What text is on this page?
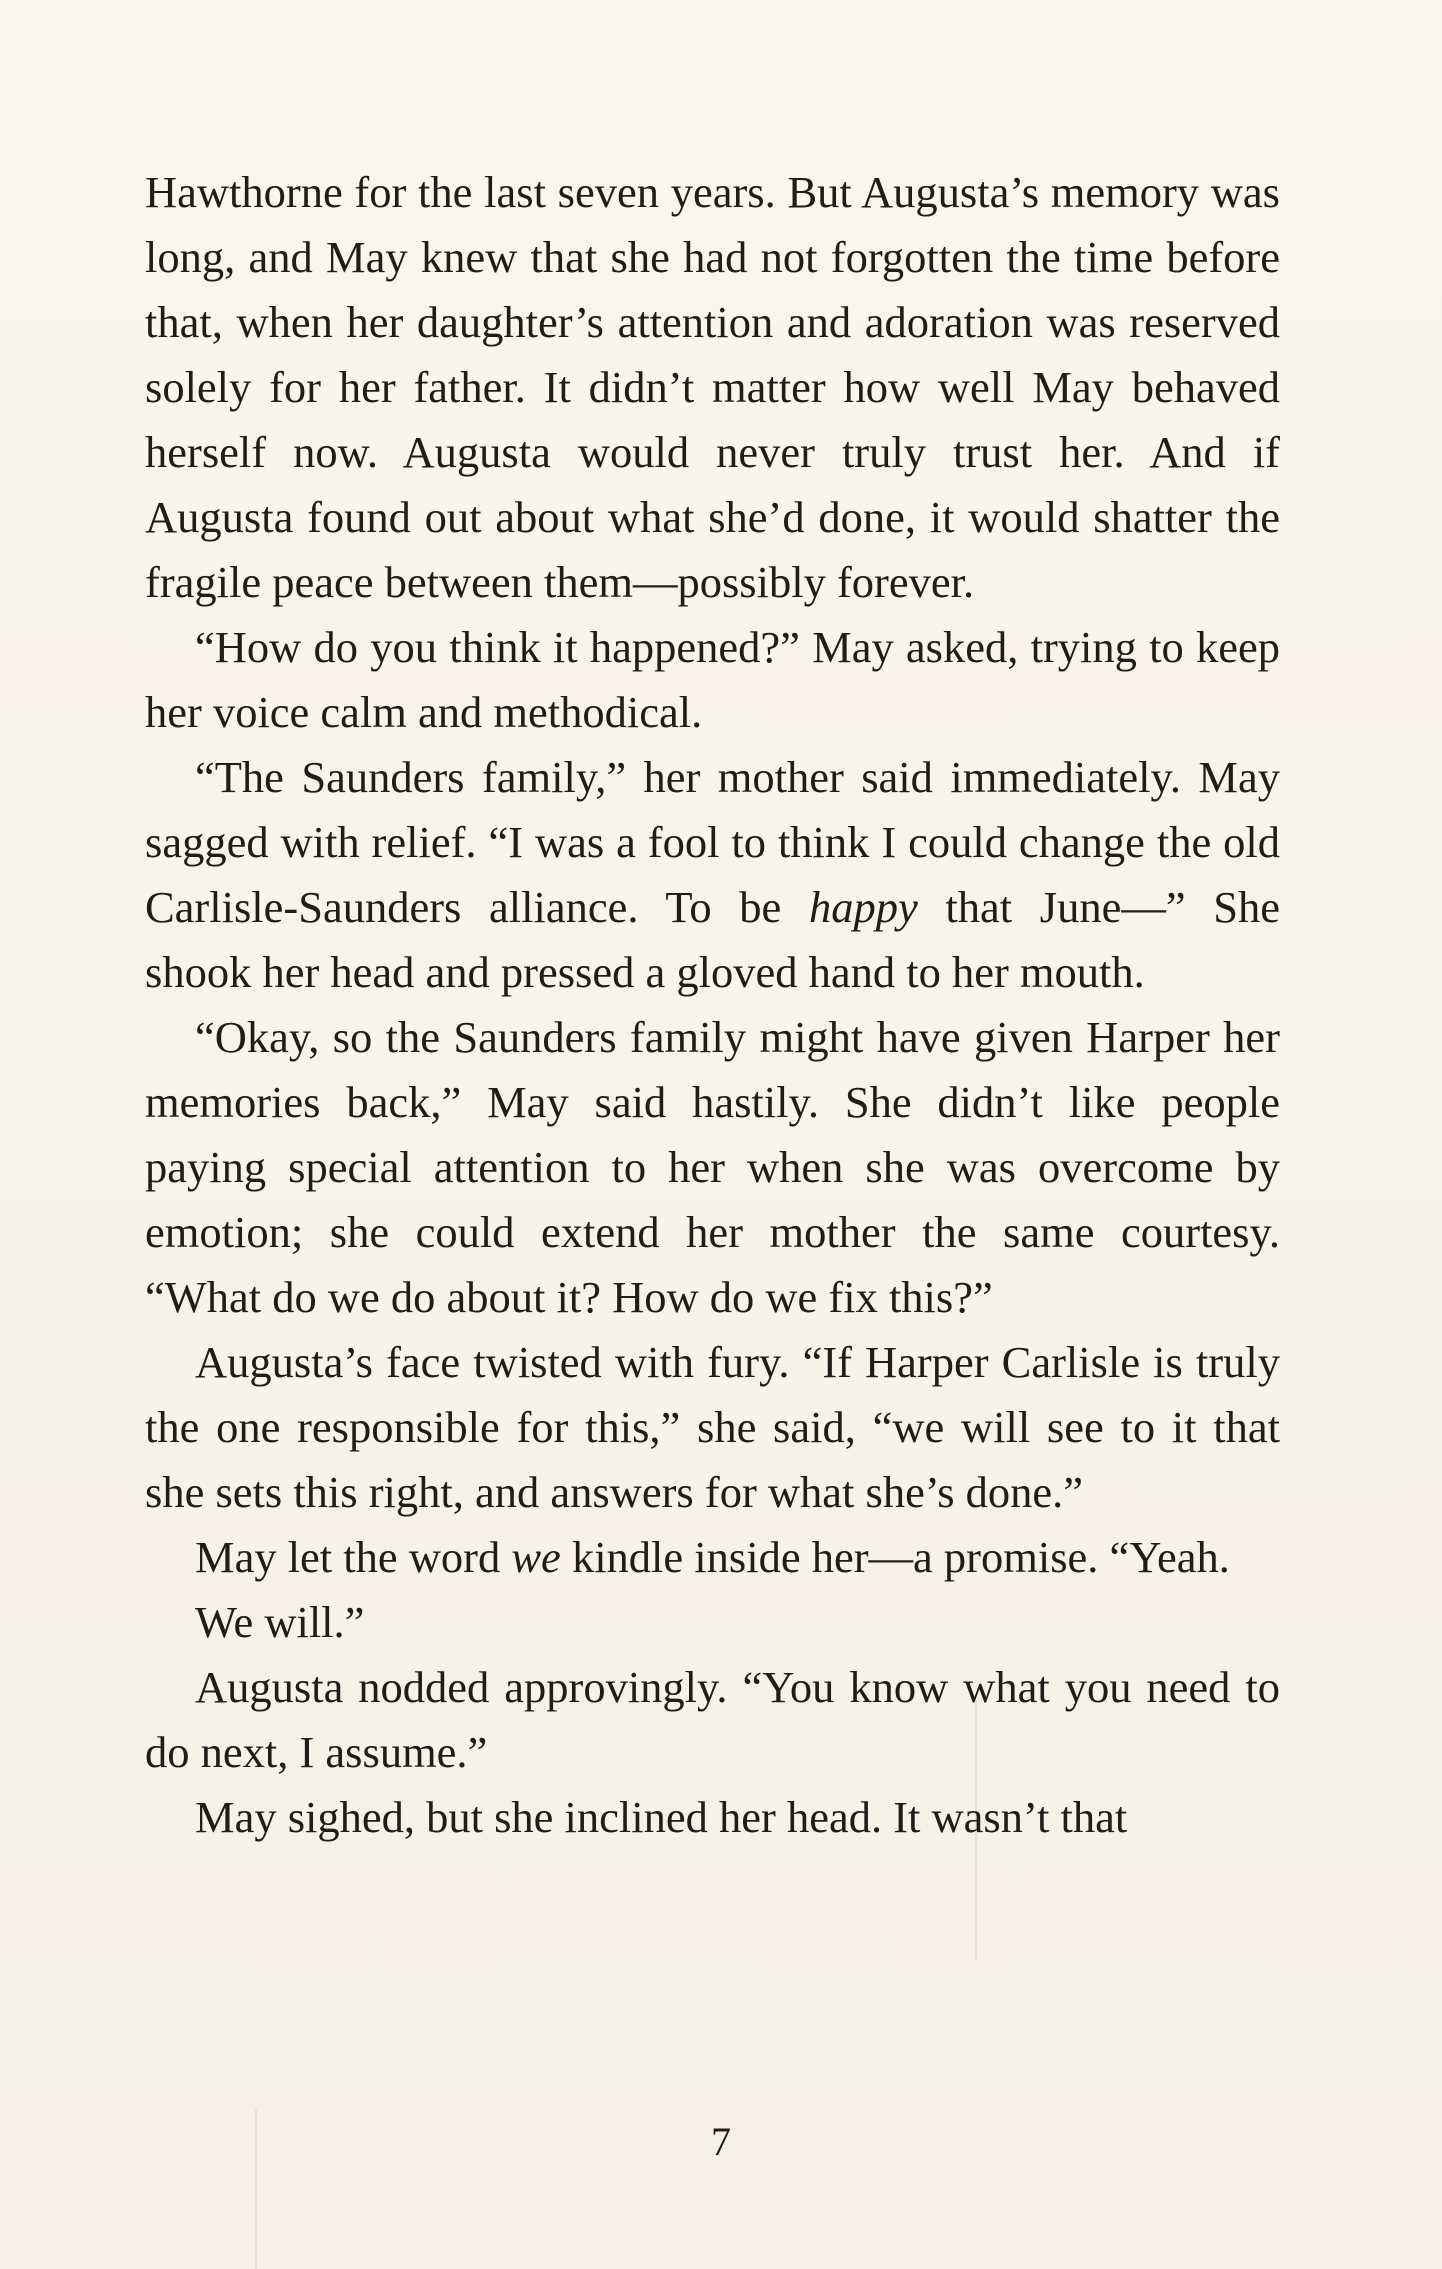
Hawthorne for the last seven years. But Augusta’s memory was long, and May knew that she had not forgotten the time before that, when her daughter’s attention and adoration was reserved solely for her father. It didn’t matter how well May behaved herself now. Augusta would never truly trust her. And if Augusta found out about what she’d done, it would shatter the fragile peace between them—possibly forever.

“How do you think it happened?” May asked, trying to keep her voice calm and methodical.

“The Saunders family,” her mother said immediately. May sagged with relief. “I was a fool to think I could change the old Carlisle-Saunders alliance. To be happy that June—” She shook her head and pressed a gloved hand to her mouth.

“Okay, so the Saunders family might have given Harper her memories back,” May said hastily. She didn’t like people paying special attention to her when she was overcome by emotion; she could extend her mother the same courtesy. “What do we do about it? How do we fix this?”

Augusta’s face twisted with fury. “If Harper Carlisle is truly the one responsible for this,” she said, “we will see to it that she sets this right, and answers for what she’s done.”

May let the word we kindle inside her—a promise. “Yeah.

We will.”

Augusta nodded approvingly. “You know what you need to do next, I assume.”

May sighed, but she inclined her head. It wasn’t that

7
